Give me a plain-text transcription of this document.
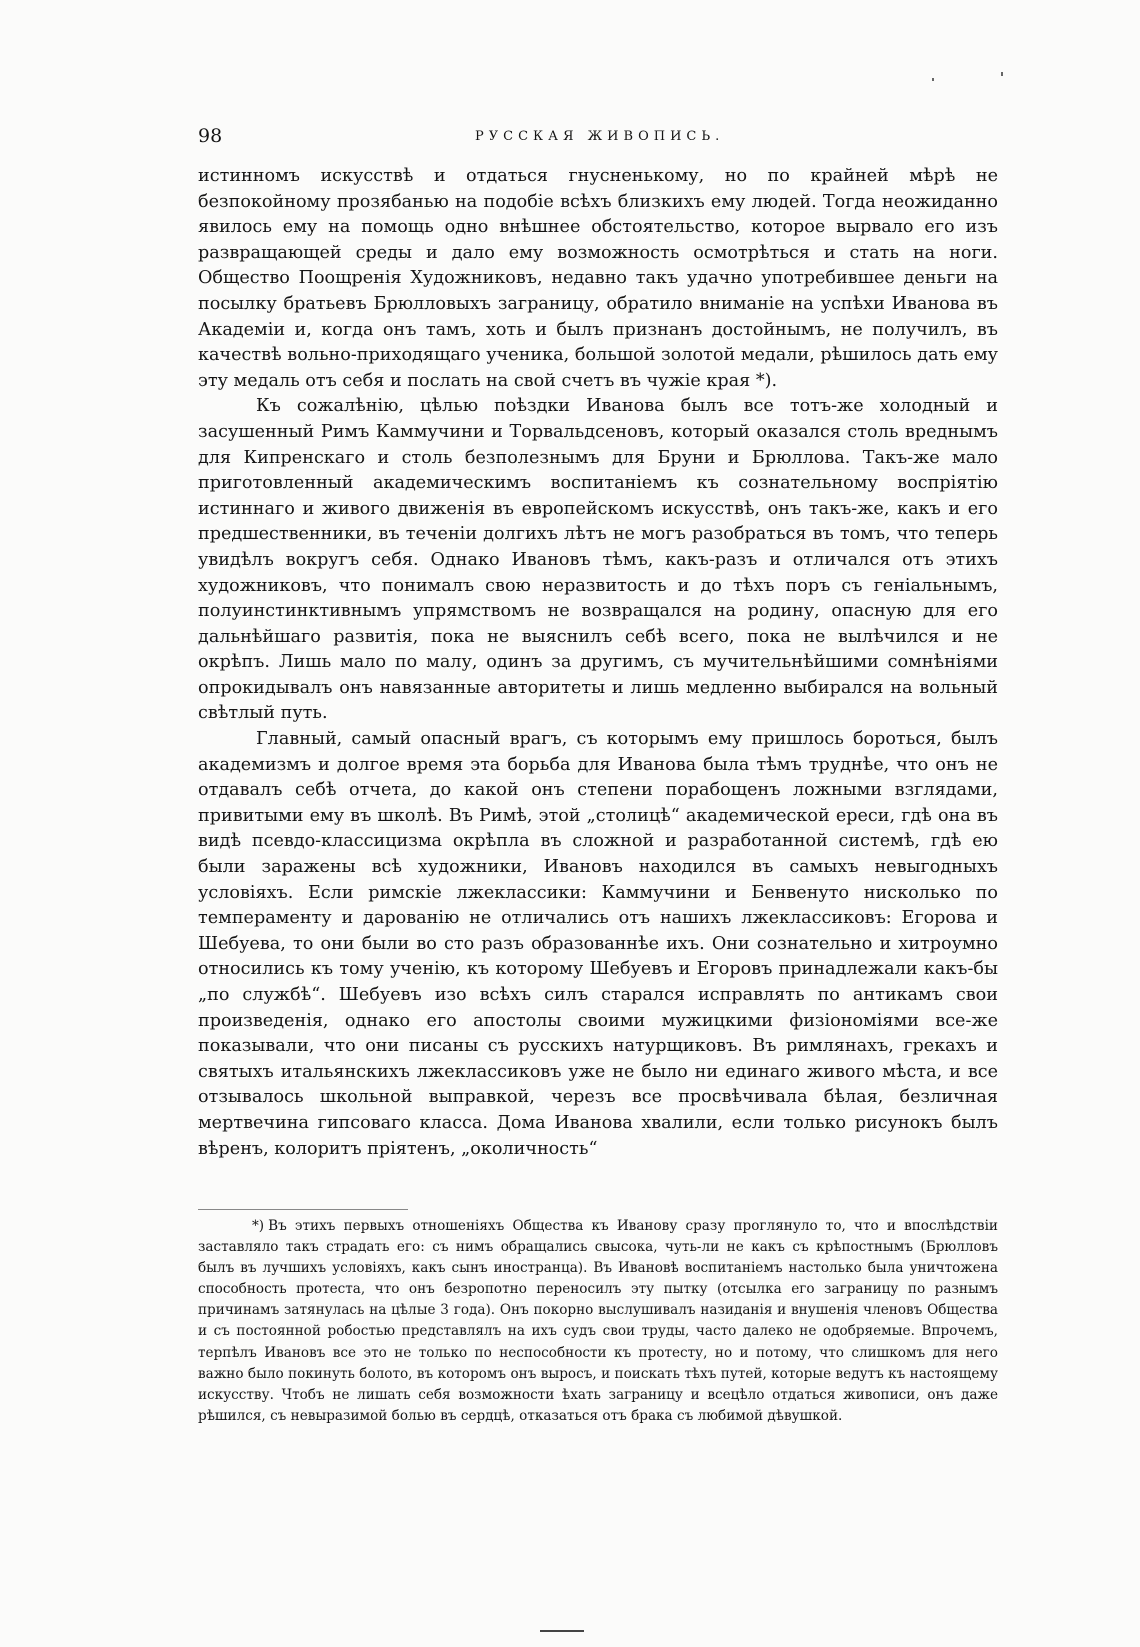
98	РУССКАЯ ЖИВОПИСЬ.

истинномъ искусствѣ и отдаться гнусненькому, но по крайней мѣрѣ не безпокойному прозябанью на подобіе всѣхъ близкихъ ему людей. Тогда неожиданно явилось ему на помощь одно внѣшнее обстоятельство, которое вырвало его изъ развращающей среды и дало ему возможность осмотрѣться и стать на ноги. Общество Поощренія Художниковъ, недавно такъ удачно употребившее деньги на посылку братьевъ Брюлловыхъ заграницу, обратило вниманіе на успѣхи Иванова въ Академіи и, когда онъ тамъ, хоть и былъ признанъ достойнымъ, не получилъ, въ качествѣ вольно-приходящаго ученика, большой золотой медали, рѣшилось дать ему эту медаль отъ себя и послать на свой счетъ въ чужіе края *).

Къ сожалѣнію, цѣлью поѣздки Иванова былъ все тотъ-же холодный и засушенный Римъ Каммучини и Торвальдсеновъ, который оказался столь вреднымъ для Кипренскаго и столь безполезнымъ для Бруни и Брюллова. Такъ-же мало приготовленный академическимъ воспитаніемъ къ сознательному воспріятію истиннаго и живого движенія въ европейскомъ искусствѣ, онъ такъ-же, какъ и его предшественники, въ теченіи долгихъ лѣтъ не могъ разобраться въ томъ, что теперь увидѣлъ вокругъ себя. Однако Ивановъ тѣмъ, какъ-разъ и отличался отъ этихъ художниковъ, что понималъ свою неразвитость и до тѣхъ поръ съ геніальнымъ, полуинстинктивнымъ упрямствомъ не возвращался на родину, опасную для его дальнѣйшаго развитія, пока не выяснилъ себѣ всего, пока не вылѣчился и не окрѣпъ. Лишь мало по малу, одинъ за другимъ, съ мучительнѣйшими сомнѣніями опрокидывалъ онъ навязанные авторитеты и лишь медленно выбирался на вольный свѣтлый путь.

Главный, самый опасный врагъ, съ которымъ ему пришлось бороться, былъ академизмъ и долгое время эта борьба для Иванова была тѣмъ труднѣе, что онъ не отдавалъ себѣ отчета, до какой онъ степени порабощенъ ложными взглядами, привитыми ему въ школѣ. Въ Римѣ, этой „столицѣ“ академической ереси, гдѣ она въ видѣ псевдо-классицизма окрѣпла въ сложной и разработанной системѣ, гдѣ ею были заражены всѣ художники, Ивановъ находился въ самыхъ невыгодныхъ условіяхъ. Если римскіе лжеклассики: Каммучини и Бенвенуто нисколько по темпераменту и дарованію не отличались отъ нашихъ лжеклассиковъ: Егорова и Шебуева, то они были во сто разъ образованнѣе ихъ. Они сознательно и хитроумно относились къ тому ученію, къ которому Шебуевъ и Егоровъ принадлежали какъ-бы „по службѣ“. Шебуевъ изо всѣхъ силъ старался исправлять по антикамъ свои произведенія, однако его апостолы своими мужицкими физіономіями все-же показывали, что они писаны съ русскихъ натурщиковъ. Въ римлянахъ, грекахъ и святыхъ итальянскихъ лжеклассиковъ уже не было ни единаго живого мѣста, и все отзывалось школьной выправкой, черезъ все просвѣчивала бѣлая, безличная мертвечина гипсоваго класса. Дома Иванова хвалили, если только рисунокъ былъ вѣренъ, колоритъ пріятенъ, „околичность“

*) Въ этихъ первыхъ отношеніяхъ Общества къ Иванову сразу проглянуло то, что и впослѣдствіи заставляло такъ страдать его: съ нимъ обращались свысока, чуть-ли не какъ съ крѣпостнымъ (Брюлловъ былъ въ лучшихъ условіяхъ, какъ сынъ иностранца). Въ Ивановѣ воспитаніемъ настолько была уничтожена способность протеста, что онъ безропотно переносилъ эту пытку (отсылка его заграницу по разнымъ причинамъ затянулась на цѣлые 3 года). Онъ покорно выслушивалъ назиданія и внушенія членовъ Общества и съ постоянной робостью представлялъ на ихъ судъ свои труды, часто далеко не одобряемые. Впрочемъ, терпѣлъ Ивановъ все это не только по неспособности къ протесту, но и потому, что слишкомъ для него важно было покинуть болото, въ которомъ онъ выросъ, и поискать тѣхъ путей, которые ведутъ къ настоящему искусству. Чтобъ не лишать себя возможности ѣхать заграницу и всецѣло отдаться живописи, онъ даже рѣшился, съ невыразимой болью въ сердцѣ, отказаться отъ брака съ любимой дѣвушкой.
